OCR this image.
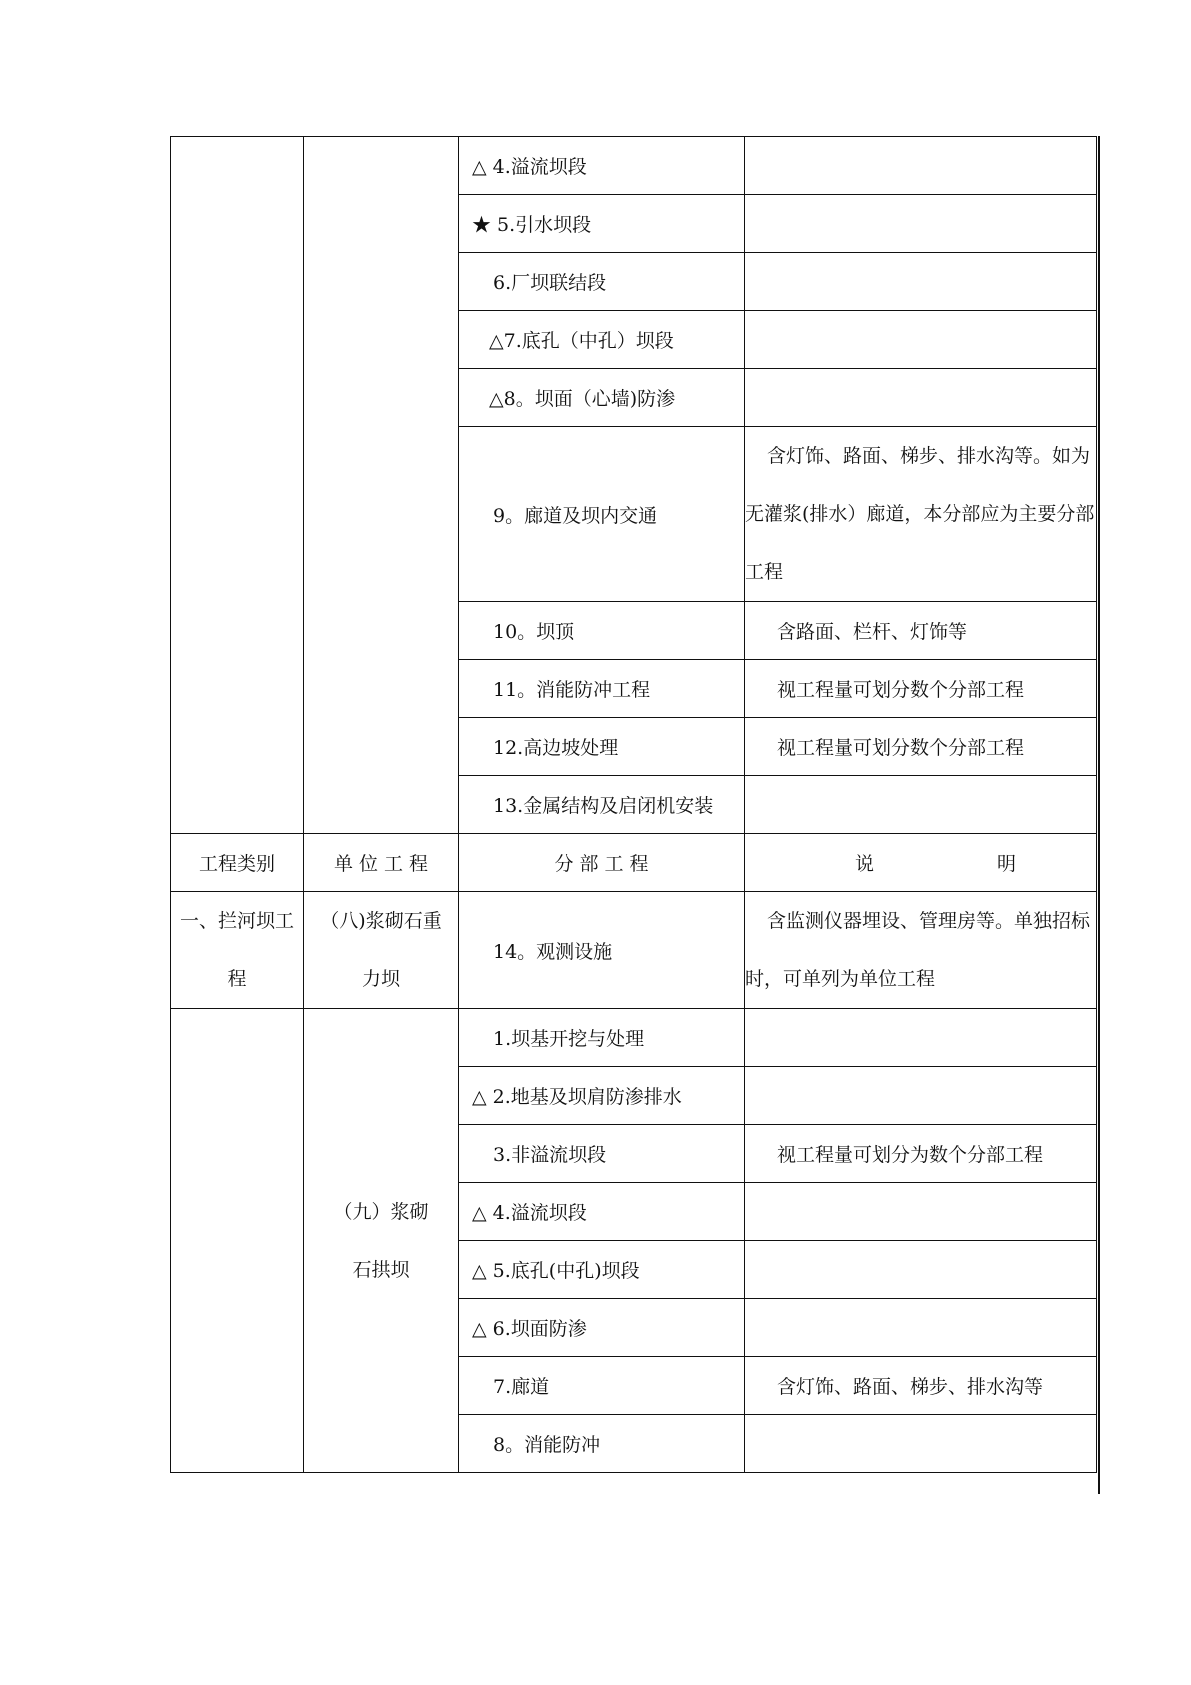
		△ 4.溢流坝段	
		★ 5.引水坝段	
		6.厂坝联结段	
		△7.底孔（中孔）坝段	
		△8。坝面（心墙)防渗	
		9。廊道及坝内交通	含灯饰、路面、梯步、排水沟等。如为无灌浆(排水）廊道，本分部应为主要分部工程
		10。坝顶	含路面、栏杆、灯饰等
		11。消能防冲工程	视工程量可划分数个分部工程
		12.高边坡处理	视工程量可划分数个分部工程
		13.金属结构及启闭机安装	
工程类别	单 位 工 程	分 部 工 程	说 明

一、拦河坝工程	（八)浆砌石重力坝	14。观测设施	含监测仪器埋设、管理房等。单独招标时，可单列为单位工程
	（九）浆砌石拱坝	1.坝基开挖与处理	
		△ 2.地基及坝肩防渗排水	
		3.非溢流坝段	视工程量可划分为数个分部工程
		△ 4.溢流坝段	
		△ 5.底孔(中孔)坝段	
		△ 6.坝面防渗	
		7.廊道	含灯饰、路面、梯步、排水沟等
		8。消能防冲	
